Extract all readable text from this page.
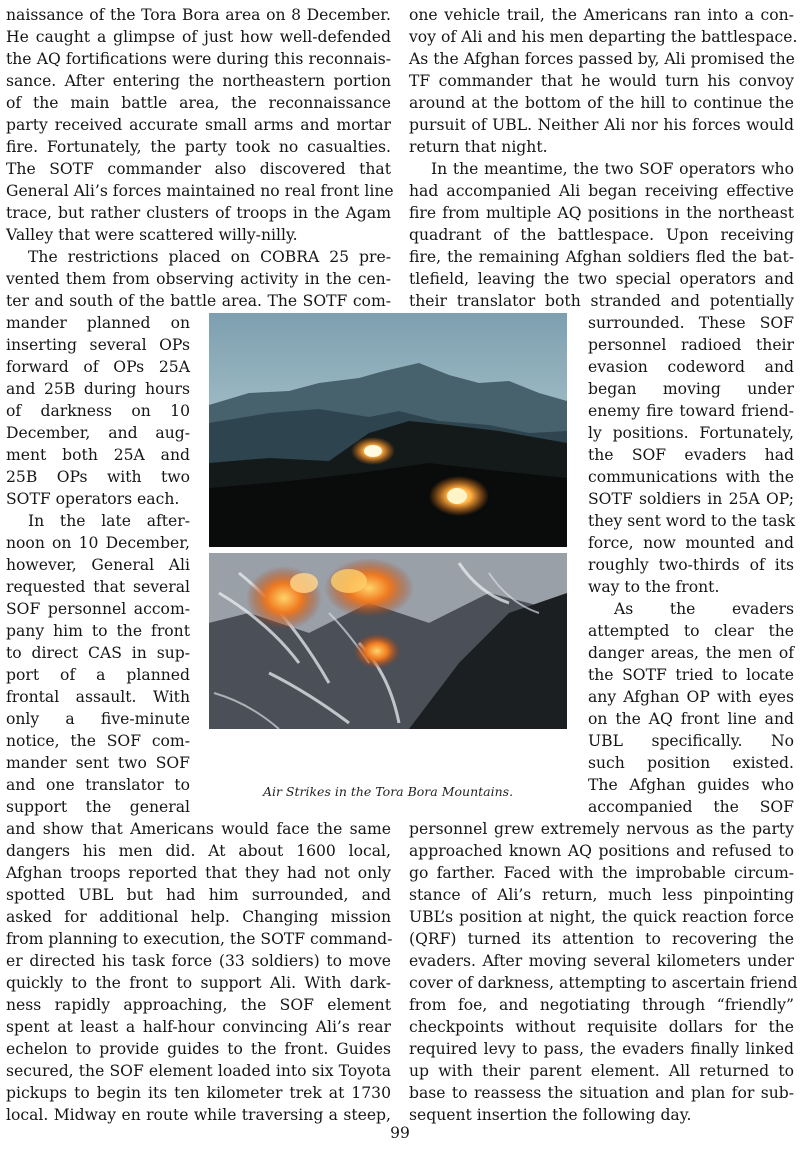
naissance of the Tora Bora area on 8 December.
He caught a glimpse of just how well-defended
the AQ fortifications were during this reconnais-
sance. After entering the northeastern portion
of the main battle area, the reconnaissance
party received accurate small arms and mortar
fire. Fortunately, the party took no casualties.
The SOTF commander also discovered that
General Ali’s forces maintained no real front line
trace, but rather clusters of troops in the Agam
Valley that were scattered willy-nilly.
The restrictions placed on COBRA 25 pre-
vented them from observing activity in the cen-
ter and south of the battle area. The SOTF com-
mander planned on
inserting several OPs
forward of OPs 25A
and 25B during hours
of darkness on 10
December, and aug-
ment both 25A and
25B OPs with two
SOTF operators each.
In the late after-
noon on 10 December,
however, General Ali
requested that several
SOF personnel accom-
pany him to the front
to direct CAS in sup-
port of a planned
frontal assault. With
only a five-minute
notice, the SOF com-
mander sent two SOF
and one translator to
support the general
and show that Americans would face the same
dangers his men did. At about 1600 local,
Afghan troops reported that they had not only
spotted UBL but had him surrounded, and
asked for additional help. Changing mission
from planning to execution, the SOTF command-
er directed his task force (33 soldiers) to move
quickly to the front to support Ali. With dark-
ness rapidly approaching, the SOF element
spent at least a half-hour convincing Ali’s rear
echelon to provide guides to the front. Guides
secured, the SOF element loaded into six Toyota
pickups to begin its ten kilometer trek at 1730
local. Midway en route while traversing a steep,
one vehicle trail, the Americans ran into a con-
voy of Ali and his men departing the battlespace.
As the Afghan forces passed by, Ali promised the
TF commander that he would turn his convoy
around at the bottom of the hill to continue the
pursuit of UBL. Neither Ali nor his forces would
return that night.
In the meantime, the two SOF operators who
had accompanied Ali began receiving effective
fire from multiple AQ positions in the northeast
quadrant of the battlespace. Upon receiving
fire, the remaining Afghan soldiers fled the bat-
tlefield, leaving the two special operators and
their translator both stranded and potentially
surrounded. These SOF
personnel radioed their
evasion codeword and
began moving under
enemy fire toward friend-
ly positions. Fortunately,
the SOF evaders had
communications with the
SOTF soldiers in 25A OP;
they sent word to the task
force, now mounted and
roughly two-thirds of its
way to the front.
As the evaders
attempted to clear the
danger areas, the men of
the SOTF tried to locate
any Afghan OP with eyes
on the AQ front line and
UBL specifically. No
such position existed.
The Afghan guides who
accompanied the SOF
personnel grew extremely nervous as the party
approached known AQ positions and refused to
go farther. Faced with the improbable circum-
stance of Ali’s return, much less pinpointing
UBL’s position at night, the quick reaction force
(QRF) turned its attention to recovering the
evaders. After moving several kilometers under
cover of darkness, attempting to ascertain friend
from foe, and negotiating through “friendly”
checkpoints without requisite dollars for the
required levy to pass, the evaders finally linked
up with their parent element. All returned to
base to reassess the situation and plan for sub-
sequent insertion the following day.
Air Strikes in the Tora Bora Mountains.
99
